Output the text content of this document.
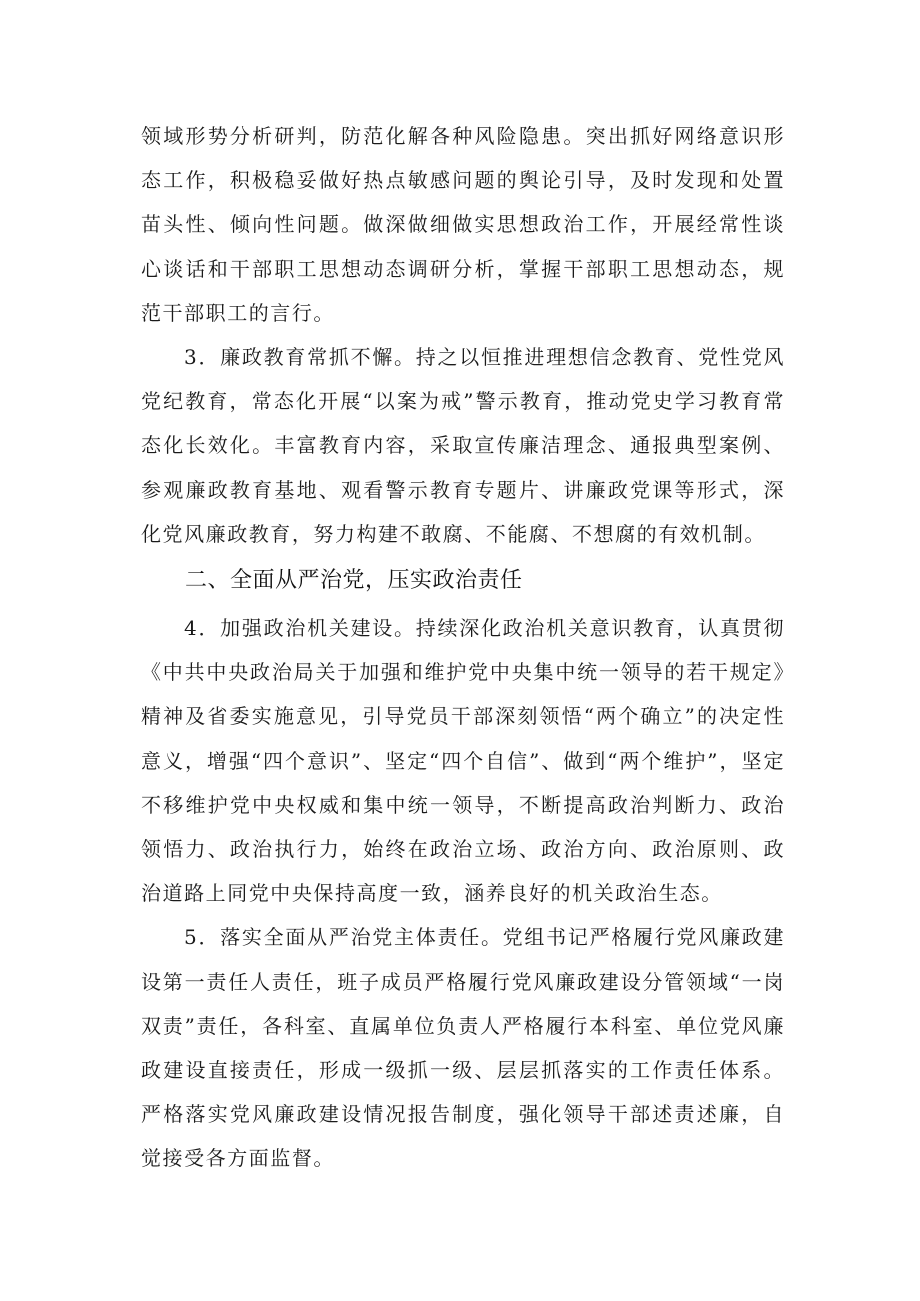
领域形势分析研判，防范化解各种风险隐患。突出抓好网络意识形态工作，积极稳妥做好热点敏感问题的舆论引导，及时发现和处置苗头性、倾向性问题。做深做细做实思想政治工作，开展经常性谈心谈话和干部职工思想动态调研分析，掌握干部职工思想动态，规范干部职工的言行。

3．廉政教育常抓不懈。持之以恒推进理想信念教育、党性党风党纪教育，常态化开展“以案为戒”警示教育，推动党史学习教育常态化长效化。丰富教育内容，采取宣传廉洁理念、通报典型案例、参观廉政教育基地、观看警示教育专题片、讲廉政党课等形式，深化党风廉政教育，努力构建不敢腐、不能腐、不想腐的有效机制。

二、全面从严治党，压实政治责任

4．加强政治机关建设。持续深化政治机关意识教育，认真贯彻《中共中央政治局关于加强和维护党中央集中统一领导的若干规定》精神及省委实施意见，引导党员干部深刻领悟“两个确立”的决定性意义，增强“四个意识”、坚定“四个自信”、做到“两个维护”，坚定不移维护党中央权威和集中统一领导，不断提高政治判断力、政治领悟力、政治执行力，始终在政治立场、政治方向、政治原则、政治道路上同党中央保持高度一致，涵养良好的机关政治生态。

5．落实全面从严治党主体责任。党组书记严格履行党风廉政建设第一责任人责任，班子成员严格履行党风廉政建设分管领域“一岗双责”责任，各科室、直属单位负责人严格履行本科室、单位党风廉政建设直接责任，形成一级抓一级、层层抓落实的工作责任体系。严格落实党风廉政建设情况报告制度，强化领导干部述责述廉，自觉接受各方面监督。
